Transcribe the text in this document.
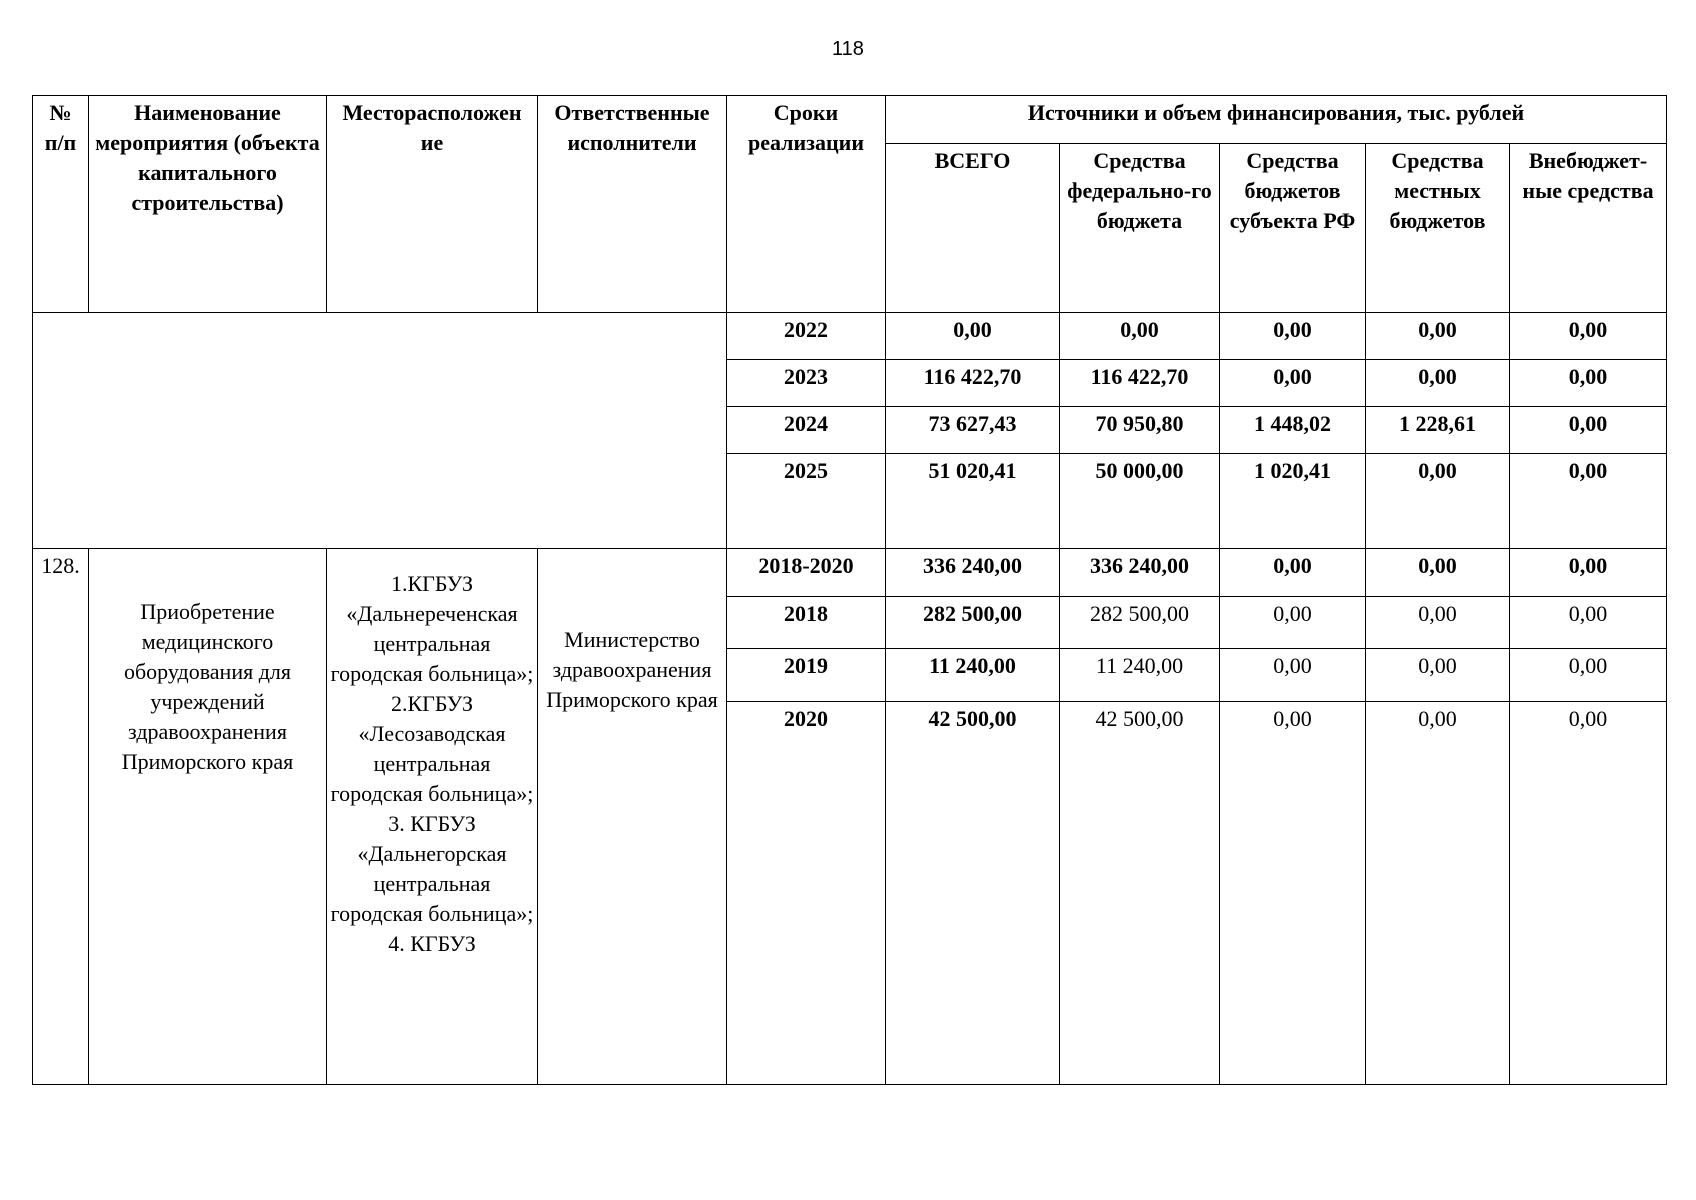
118
№
п/п	Наименование мероприятия (объекта капитального строительства)	Месторасположен ие	Ответственные исполнители	Сроки реализации	Источники и объем финансирования, тыс. рублей				
					ВСЕГО	Средства федерально-го бюджета	Средства бюджетов субъекта РФ	Средства местных бюджетов	Внебюджет-ные средства
				2022	0,00	0,00	0,00	0,00	0,00
				2023	116 422,70	116 422,70	0,00	0,00	0,00
				2024	73 627,43	70 950,80	1 448,02	1 228,61	0,00
				2025	51 020,41	50 000,00	1 020,41	0,00	0,00
128.	Приобретение медицинского оборудования для учреждений здравоохранения Приморского края	1.КГБУЗ «Дальнереченская центральная городская больница»; 2.КГБУЗ «Лесозаводская центральная городская больница»; 3. КГБУЗ «Дальнегорская центральная городская больница»; 4. КГБУЗ	Министерство здравоохранения Приморского края	2018-2020	336 240,00	336 240,00	0,00	0,00	0,00
				2018	282 500,00	282 500,00	0,00	0,00	0,00
				2019	11 240,00	11 240,00	0,00	0,00	0,00
				2020	42 500,00	42 500,00	0,00	0,00	0,00
